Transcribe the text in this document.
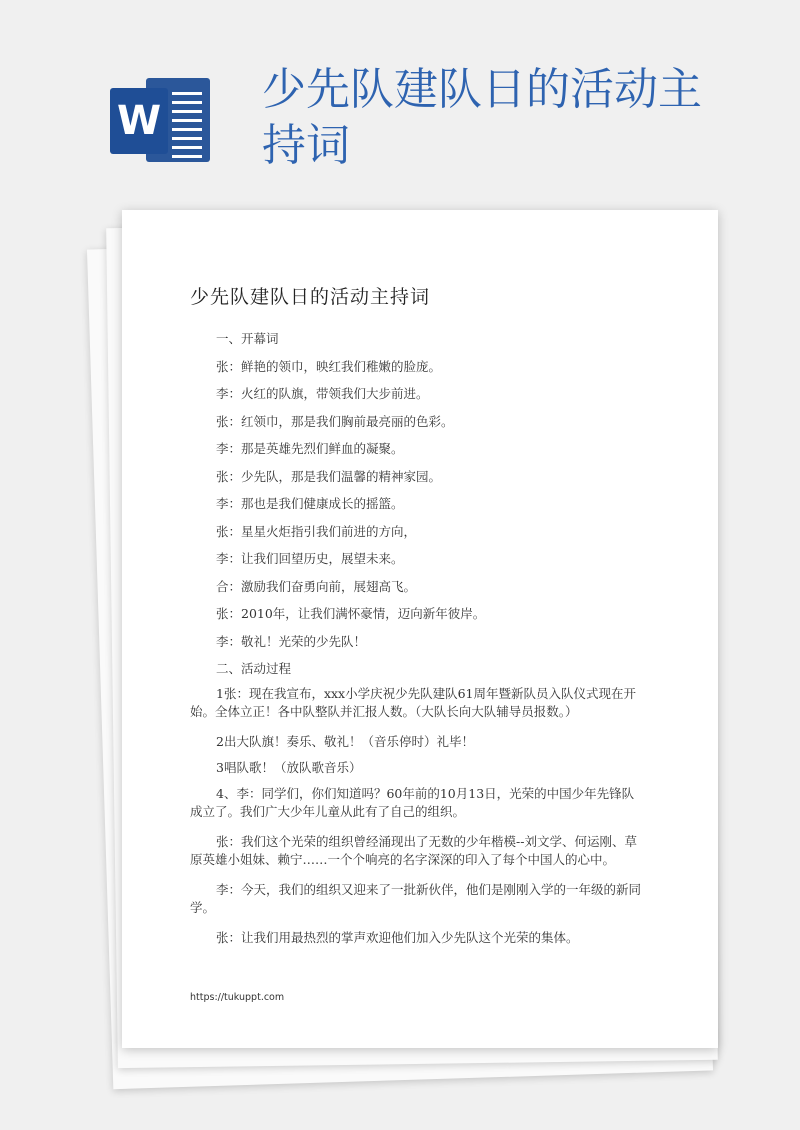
W
少先队建队日的活动主持词
少先队建队日的活动主持词

一、开幕词

张：鲜艳的领巾，映红我们稚嫩的脸庞。

李：火红的队旗，带领我们大步前进。

张：红领巾，那是我们胸前最亮丽的色彩。

李：那是英雄先烈们鲜血的凝聚。

张：少先队，那是我们温馨的精神家园。

李：那也是我们健康成长的摇篮。

张：星星火炬指引我们前进的方向，

李：让我们回望历史，展望未来。

合：激励我们奋勇向前，展翅高飞。

张：2010年，让我们满怀豪情，迈向新年彼岸。

李：敬礼！光荣的少先队！

二、活动过程

1张：现在我宣布，xxx小学庆祝少先队建队61周年暨新队员入队仪式现在开始。全体立正！各中队整队并汇报人数。（大队长向大队辅导员报数。）

2出大队旗！奏乐、敬礼！（音乐停时）礼毕！

3唱队歌！（放队歌音乐）

4、李：同学们，你们知道吗？60年前的10月13日，光荣的中国少年先锋队成立了。我们广大少年儿童从此有了自己的组织。

张：我们这个光荣的组织曾经涌现出了无数的少年楷模--刘文学、何运刚、草原英雄小姐妹、赖宁……一个个响亮的名字深深的印入了每个中国人的心中。

李：今天，我们的组织又迎来了一批新伙伴，他们是刚刚入学的一年级的新同学。

张：让我们用最热烈的掌声欢迎他们加入少先队这个光荣的集体。

https://tukuppt.com
